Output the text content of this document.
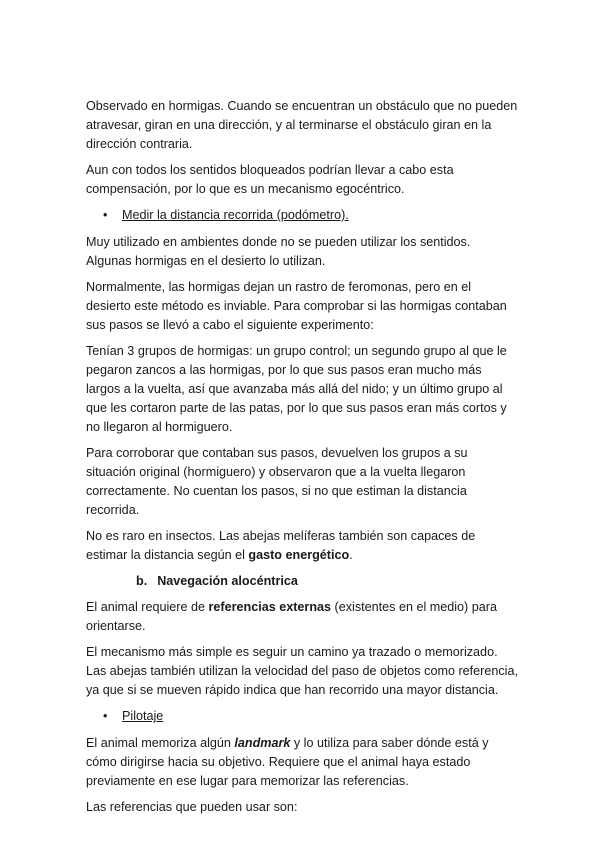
Observado en hormigas. Cuando se encuentran un obstáculo que no pueden atravesar, giran en una dirección, y al terminarse el obstáculo giran en la dirección contraria.

Aun con todos los sentidos bloqueados podrían llevar a cabo esta compensación, por lo que es un mecanismo egocéntrico.

• Medir la distancia recorrida (podómetro).

Muy utilizado en ambientes donde no se pueden utilizar los sentidos. Algunas hormigas en el desierto lo utilizan.

Normalmente, las hormigas dejan un rastro de feromonas, pero en el desierto este método es inviable. Para comprobar si las hormigas contaban sus pasos se llevó a cabo el siguiente experimento:

Tenían 3 grupos de hormigas: un grupo control; un segundo grupo al que le pegaron zancos a las hormigas, por lo que sus pasos eran mucho más largos a la vuelta, así que avanzaba más allá del nido; y un último grupo al que les cortaron parte de las patas, por lo que sus pasos eran más cortos y no llegaron al hormiguero.

Para corroborar que contaban sus pasos, devuelven los grupos a su situación original (hormiguero) y observaron que a la vuelta llegaron correctamente. No cuentan los pasos, si no que estiman la distancia recorrida.

No es raro en insectos. Las abejas melíferas también son capaces de estimar la distancia según el gasto energético.

b. Navegación alocéntrica

El animal requiere de referencias externas (existentes en el medio) para orientarse.

El mecanismo más simple es seguir un camino ya trazado o memorizado. Las abejas también utilizan la velocidad del paso de objetos como referencia, ya que si se mueven rápido indica que han recorrido una mayor distancia.

• Pilotaje

El animal memoriza algún landmark y lo utiliza para saber dónde está y cómo dirigirse hacia su objetivo. Requiere que el animal haya estado previamente en ese lugar para memorizar las referencias.

Las referencias que pueden usar son:
